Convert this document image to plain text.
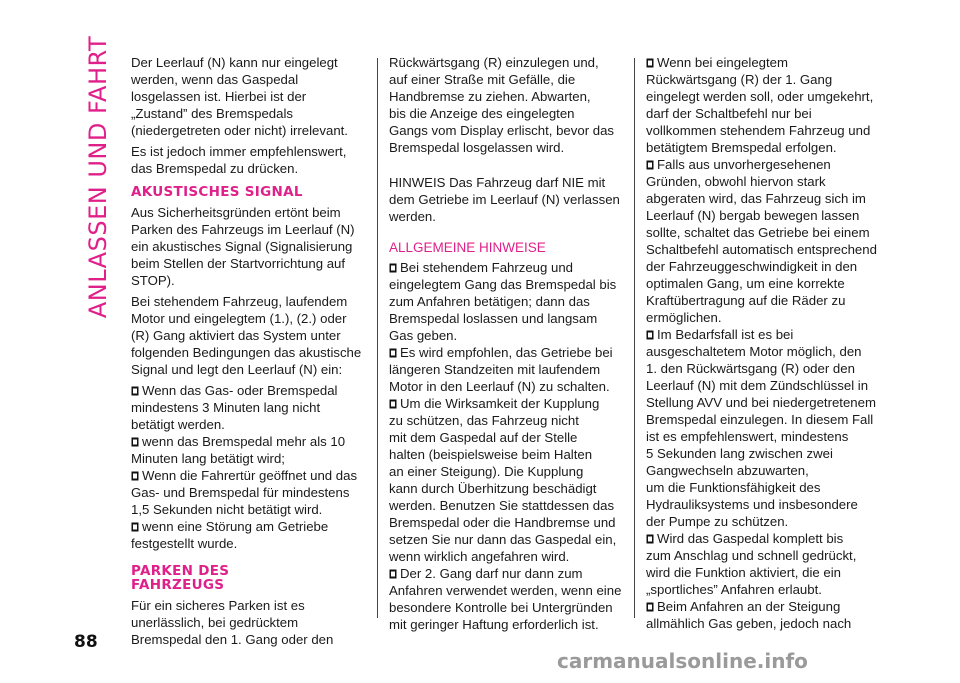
ANLASSEN UND FAHRT Der Leerlauf (N) kann nur eingelegt
werden, wenn das Gaspedal
losgelassen ist. Hierbei ist der
„Zustand” des Bremspedals
(niedergetreten oder nicht) irrelevant.

Es ist jedoch immer empfehlenswert,
das Bremspedal zu drücken.

AKUSTISCHES SIGNAL

Aus Sicherheitsgründen ertönt beim
Parken des Fahrzeugs im Leerlauf (N)
ein akustisches Signal (Signalisierung
beim Stellen der Startvorrichtung auf
STOP).

Bei stehendem Fahrzeug, laufendem
Motor und eingelegtem (1.), (2.) oder
(R) Gang aktiviert das System unter
folgenden Bedingungen das akustische
Signal und legt den Leerlauf (N) ein:

Wenn das Gas- oder Bremspedal
mindestens 3 Minuten lang nicht
betätigt werden.

wenn das Bremspedal mehr als 10
Minuten lang betätigt wird;

Wenn die Fahrertür geöffnet und das
Gas- und Bremspedal für mindestens
1,5 Sekunden nicht betätigt wird.

wenn eine Störung am Getriebe
festgestellt wurde.

PARKEN DES
FAHRZEUGS

Für ein sicheres Parken ist es
unerlässlich, bei gedrücktem
Bremspedal den 1. Gang oder den

Rückwärtsgang (R) einzulegen und,
auf einer Straße mit Gefälle, die
Handbremse zu ziehen. Abwarten,
bis die Anzeige des eingelegten
Gangs vom Display erlischt, bevor das
Bremspedal losgelassen wird.

HINWEIS Das Fahrzeug darf NIE mit
dem Getriebe im Leerlauf (N) verlassen
werden.

ALLGEMEINE HINWEISE

Bei stehendem Fahrzeug und
eingelegtem Gang das Bremspedal bis
zum Anfahren betätigen; dann das
Bremspedal loslassen und langsam
Gas geben.

Es wird empfohlen, das Getriebe bei
längeren Standzeiten mit laufendem
Motor in den Leerlauf (N) zu schalten.

Um die Wirksamkeit der Kupplung
zu schützen, das Fahrzeug nicht
mit dem Gaspedal auf der Stelle
halten (beispielsweise beim Halten
an einer Steigung). Die Kupplung
kann durch Überhitzung beschädigt
werden. Benutzen Sie stattdessen das
Bremspedal oder die Handbremse und
setzen Sie nur dann das Gaspedal ein,
wenn wirklich angefahren wird.

Der 2. Gang darf nur dann zum
Anfahren verwendet werden, wenn eine
besondere Kontrolle bei Untergründen
mit geringer Haftung erforderlich ist.

Wenn bei eingelegtem
Rückwärtsgang (R) der 1. Gang
eingelegt werden soll, oder umgekehrt,
darf der Schaltbefehl nur bei
vollkommen stehendem Fahrzeug und
betätigtem Bremspedal erfolgen.

Falls aus unvorhergesehenen
Gründen, obwohl hiervon stark
abgeraten wird, das Fahrzeug sich im
Leerlauf (N) bergab bewegen lassen
sollte, schaltet das Getriebe bei einem
Schaltbefehl automatisch entsprechend
der Fahrzeuggeschwindigkeit in den
optimalen Gang, um eine korrekte
Kraftübertragung auf die Räder zu
ermöglichen.

Im Bedarfsfall ist es bei
ausgeschaltetem Motor möglich, den
1. den Rückwärtsgang (R) oder den
Leerlauf (N) mit dem Zündschlüssel in
Stellung AVV und bei niedergetretenem
Bremspedal einzulegen. In diesem Fall
ist es empfehlenswert, mindestens
5 Sekunden lang zwischen zwei
Gangwechseln abzuwarten,
um die Funktionsfähigkeit des
Hydrauliksystems und insbesondere
der Pumpe zu schützen.

Wird das Gaspedal komplett bis
zum Anschlag und schnell gedrückt,
wird die Funktion aktiviert, die ein
„sportliches” Anfahren erlaubt.

Beim Anfahren an der Steigung
allmählich Gas geben, jedoch nach

88
carmanualsonline.info
